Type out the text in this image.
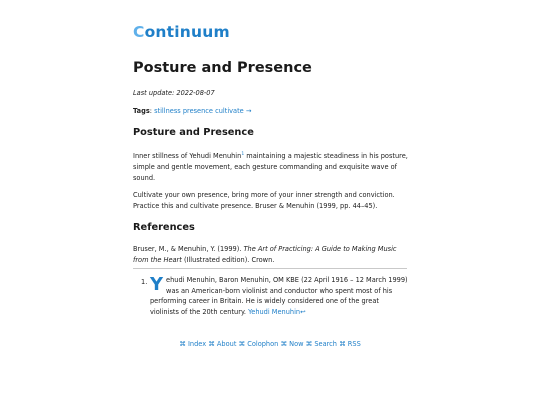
Continuum
Posture and Presence
Last update: 2022-08-07
Tags: stillness presence cultivate →
Posture and Presence

Inner stillness of Yehudi Menuhin$^1$ maintaining a majestic steadiness in his posture, simple and gentle movement, each gesture commanding and exquisite wave of sound.

Cultivate your own presence, bring more of your inner strength and conviction. Practice this and cultivate presence. Bruser & Menuhin (1999, pp. 44–45).

References

Bruser, M., & Menuhin, Y. (1999). The Art of Practicing: A Guide to Making Music from the Heart (Illustrated edition). Crown.

1. Yehudi Menuhin, Baron Menuhin, OM KBE (22 April 1916 – 12 March 1999) was an American-born violinist and conductor who spent most of his performing career in Britain. He is widely considered one of the great violinists of the 20th century. Yehudi Menuhin↩
⌘ Index ⌘ About ⌘ Colophon ⌘ Now ⌘ Search ⌘ RSS
